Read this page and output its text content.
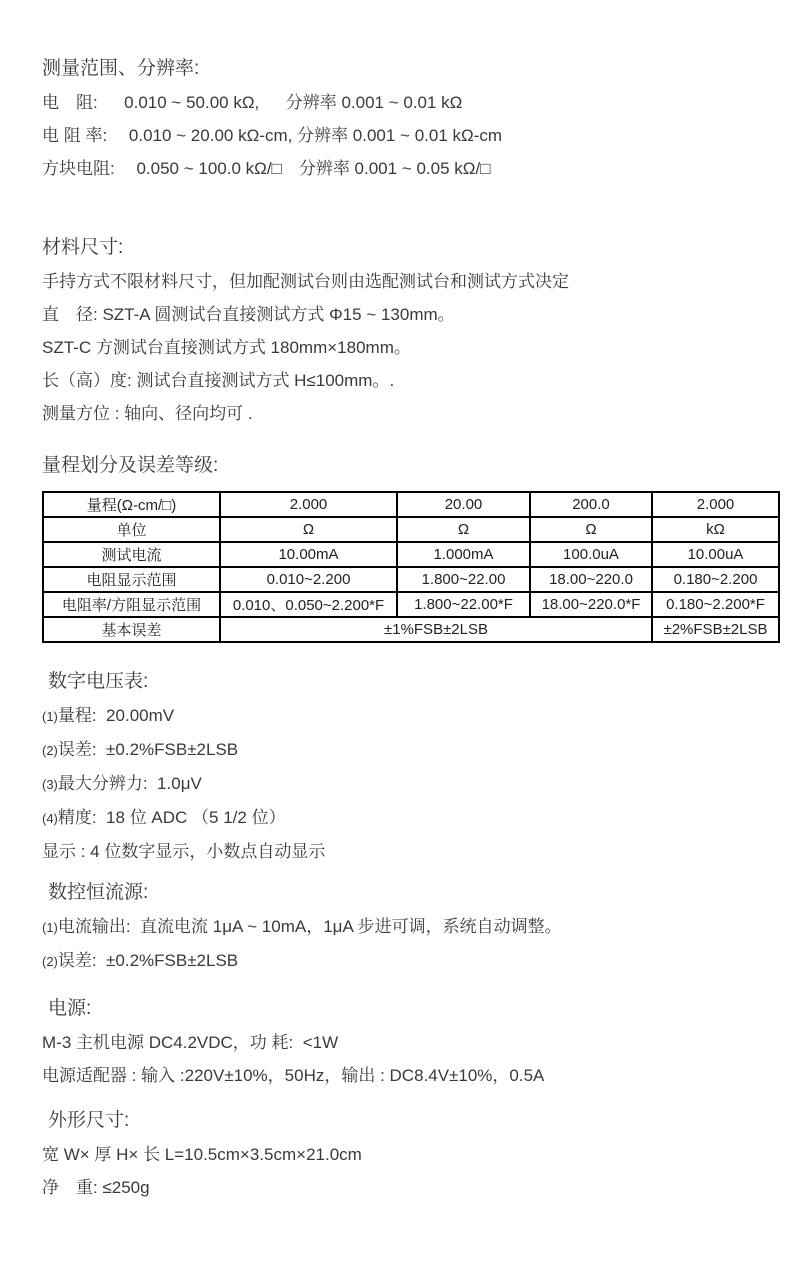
测量范围、分辨率:
电　阻:　  0.010 ~ 50.00 kΩ,　  分辨率 0.001 ~ 0.01 kΩ
电 阻 率:　 0.010 ~ 20.00 kΩ-cm, 分辨率 0.001 ~ 0.01 kΩ-cm
方块电阻:　 0.050 ~ 100.0 kΩ/□　分辨率 0.001 ~ 0.05 kΩ/□
材料尺寸:
手持方式不限材料尺寸，但加配测试台则由选配测试台和测试方式决定
直　径: SZT-A 圆测试台直接测试方式 Φ15 ~ 130mm。
SZT-C 方测试台直接测试方式 180mm×180mm。
长（高）度: 测试台直接测试方式 H≤100mm。.
测量方位 : 轴向、径向均可 .
量程划分及误差等级:
量程(Ω-cm/□)	2.000	20.00	200.0	2.000
单位	Ω	Ω	Ω	kΩ
测试电流	10.00mA	1.000mA	100.0uA	10.00uA
电阻显示范围	0.010~2.200	1.800~22.00	18.00~220.0	0.180~2.200
电阻率/方阻显示范围	0.010、0.050~2.200*F	1.800~22.00*F	18.00~220.0*F	0.180~2.200*F
基本误差	±1%FSB±2LSB			±2%FSB±2LSB
数字电压表:
(1)量程:  20.00mV
(2)误差:  ±0.2%FSB±2LSB
(3)最大分辨力:  1.0μV
(4)精度:  18 位 ADC （5 1/2 位）
显示 : 4 位数字显示，小数点自动显示
数控恒流源:
(1)电流输出:  直流电流 1μA ~ 10mA，1μA 步进可调，系统自动调整。
(2)误差:  ±0.2%FSB±2LSB
电源:
M-3 主机电源 DC4.2VDC，功 耗:  <1W
电源适配器 : 输入 :220V±10%，50Hz，输出 : DC8.4V±10%，0.5A
外形尺寸:
宽 W× 厚 H× 长 L=10.5cm×3.5cm×21.0cm
净　重: ≤250g
